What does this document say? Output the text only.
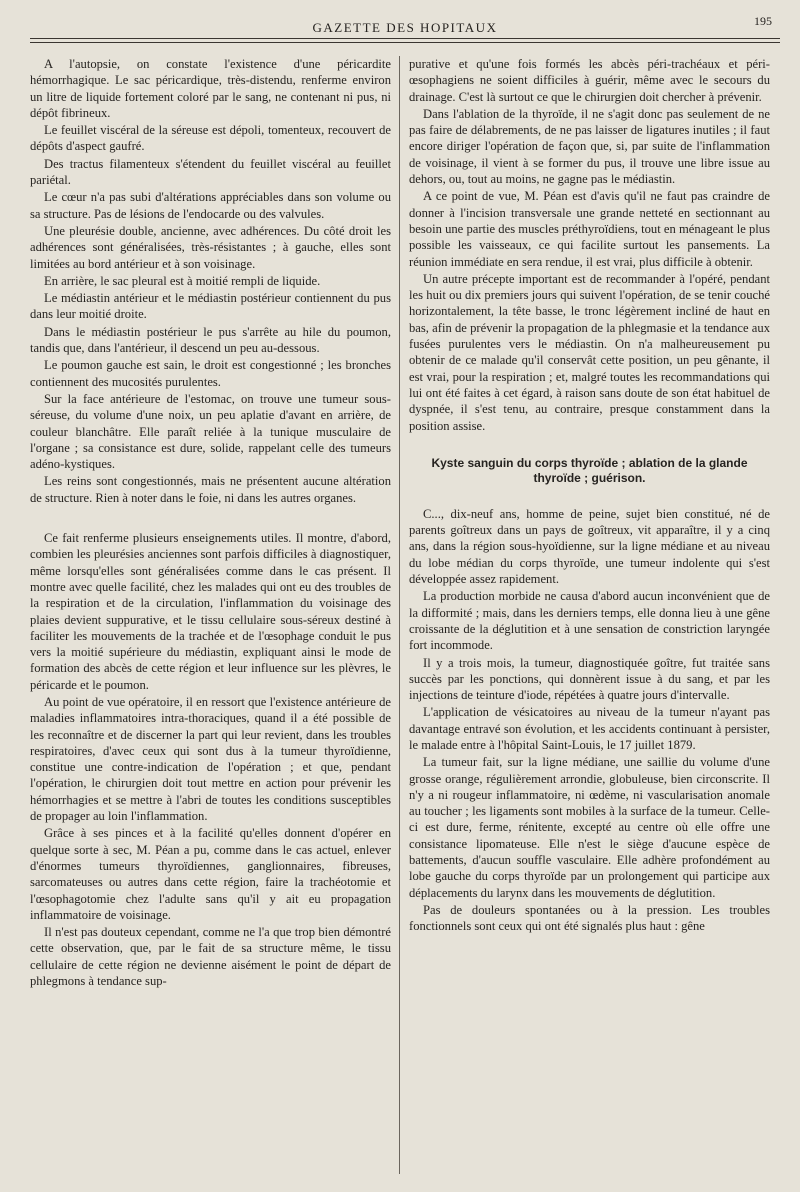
GAZETTE DES HOPITAUX	195

A l'autopsie, on constate l'existence d'une péricardite hémorrhagique. Le sac péricardique, très-distendu, renferme environ un litre de liquide fortement coloré par le sang, ne contenant ni pus, ni dépôt fibrineux.

Le feuillet viscéral de la séreuse est dépoli, tomenteux, recouvert de dépôts d'aspect gaufré.

Des tractus filamenteux s'étendent du feuillet viscéral au feuillet pariétal.

Le cœur n'a pas subi d'altérations appréciables dans son volume ou sa structure. Pas de lésions de l'endocarde ou des valvules.

Une pleurésie double, ancienne, avec adhérences. Du côté droit les adhérences sont généralisées, très-résistantes ; à gauche, elles sont limitées au bord antérieur et à son voisinage.

En arrière, le sac pleural est à moitié rempli de liquide.

Le médiastin antérieur et le médiastin postérieur contiennent du pus dans leur moitié droite.

Dans le médiastin postérieur le pus s'arrête au hile du poumon, tandis que, dans l'antérieur, il descend un peu au-dessous.

Le poumon gauche est sain, le droit est congestionné ; les bronches contiennent des mucosités purulentes.

Sur la face antérieure de l'estomac, on trouve une tumeur sous-séreuse, du volume d'une noix, un peu aplatie d'avant en arrière, de couleur blanchâtre. Elle paraît reliée à la tunique musculaire de l'organe ; sa consistance est dure, solide, rappelant celle des tumeurs adéno-kystiques.

Les reins sont congestionnés, mais ne présentent aucune altération de structure. Rien à noter dans le foie, ni dans les autres organes.

Ce fait renferme plusieurs enseignements utiles. Il montre, d'abord, combien les pleurésies anciennes sont parfois difficiles à diagnostiquer, même lorsqu'elles sont généralisées comme dans le cas présent. Il montre avec quelle facilité, chez les malades qui ont eu des troubles de la respiration et de la circulation, l'inflammation du voisinage des plaies devient suppurative, et le tissu cellulaire sous-séreux destiné à faciliter les mouvements de la trachée et de l'œsophage conduit le pus vers la moitié supérieure du médiastin, expliquant ainsi le mode de formation des abcès de cette région et leur influence sur les plèvres, le péricarde et le poumon.

Au point de vue opératoire, il en ressort que l'existence antérieure de maladies inflammatoires intra-thoraciques, quand il a été possible de les reconnaître et de discerner la part qui leur revient, dans les troubles respiratoires, d'avec ceux qui sont dus à la tumeur thyroïdienne, constitue une contre-indication de l'opération ; et que, pendant l'opération, le chirurgien doit tout mettre en action pour prévenir les hémorrhagies et se mettre à l'abri de toutes les conditions susceptibles de propager au loin l'inflammation.

Grâce à ses pinces et à la facilité qu'elles donnent d'opérer en quelque sorte à sec, M. Péan a pu, comme dans le cas actuel, enlever d'énormes tumeurs thyroïdiennes, ganglionnaires, fibreuses, sarcomateuses ou autres dans cette région, faire la trachéotomie et l'œsophagotomie chez l'adulte sans qu'il y ait eu propagation inflammatoire de voisinage.

Il n'est pas douteux cependant, comme ne l'a que trop bien démontré cette observation, que, par le fait de sa structure même, le tissu cellulaire de cette région ne devienne aisément le point de départ de phlegmons à tendance sup-

purative et qu'une fois formés les abcès péri-trachéaux et péri-œsophagiens ne soient difficiles à guérir, même avec le secours du drainage. C'est là surtout ce que le chirurgien doit chercher à prévenir.

Dans l'ablation de la thyroïde, il ne s'agit donc pas seulement de ne pas faire de délabrements, de ne pas laisser de ligatures inutiles ; il faut encore diriger l'opération de façon que, si, par suite de l'inflammation de voisinage, il vient à se former du pus, il trouve une libre issue au dehors, ou, tout au moins, ne gagne pas le médiastin.

A ce point de vue, M. Péan est d'avis qu'il ne faut pas craindre de donner à l'incision transversale une grande netteté en sectionnant au besoin une partie des muscles préthyroïdiens, tout en ménageant le plus possible les vaisseaux, ce qui facilite surtout les pansements. La réunion immédiate en sera rendue, il est vrai, plus difficile à obtenir.

Un autre précepte important est de recommander à l'opéré, pendant les huit ou dix premiers jours qui suivent l'opération, de se tenir couché horizontalement, la tête basse, le tronc légèrement incliné de haut en bas, afin de prévenir la propagation de la phlegmasie et la tendance aux fusées purulentes vers le médiastin. On n'a malheureusement pu obtenir de ce malade qu'il conservât cette position, un peu gênante, il est vrai, pour la respiration ; et, malgré toutes les recommandations qui lui ont été faites à cet égard, à raison sans doute de son état habituel de dyspnée, il s'est tenu, au contraire, presque constamment dans la position assise.

Kyste sanguin du corps thyroïde ; ablation de la glande thyroïde ; guérison.

C..., dix-neuf ans, homme de peine, sujet bien constitué, né de parents goîtreux dans un pays de goîtreux, vit apparaître, il y a cinq ans, dans la région sous-hyoïdienne, sur la ligne médiane et au niveau du lobe médian du corps thyroïde, une tumeur indolente qui s'est développée assez rapidement.

La production morbide ne causa d'abord aucun inconvénient que de la difformité ; mais, dans les derniers temps, elle donna lieu à une gêne croissante de la déglutition et à une sensation de constriction laryngée fort incommode.

Il y a trois mois, la tumeur, diagnostiquée goître, fut traitée sans succès par les ponctions, qui donnèrent issue à du sang, et par les injections de teinture d'iode, répétées à quatre jours d'intervalle.

L'application de vésicatoires au niveau de la tumeur n'ayant pas davantage entravé son évolution, et les accidents continuant à persister, le malade entre à l'hôpital Saint-Louis, le 17 juillet 1879.

La tumeur fait, sur la ligne médiane, une saillie du volume d'une grosse orange, régulièrement arrondie, globuleuse, bien circonscrite. Il n'y a ni rougeur inflammatoire, ni œdème, ni vascularisation anomale au toucher ; les ligaments sont mobiles à la surface de la tumeur. Celle-ci est dure, ferme, rénitente, excepté au centre où elle offre une consistance lipomateuse. Elle n'est le siège d'aucune espèce de battements, d'aucun souffle vasculaire. Elle adhère profondément au lobe gauche du corps thyroïde par un prolongement qui participe aux déplacements du larynx dans les mouvements de déglutition.

Pas de douleurs spontanées ou à la pression. Les troubles fonctionnels sont ceux qui ont été signalés plus haut : gêne
